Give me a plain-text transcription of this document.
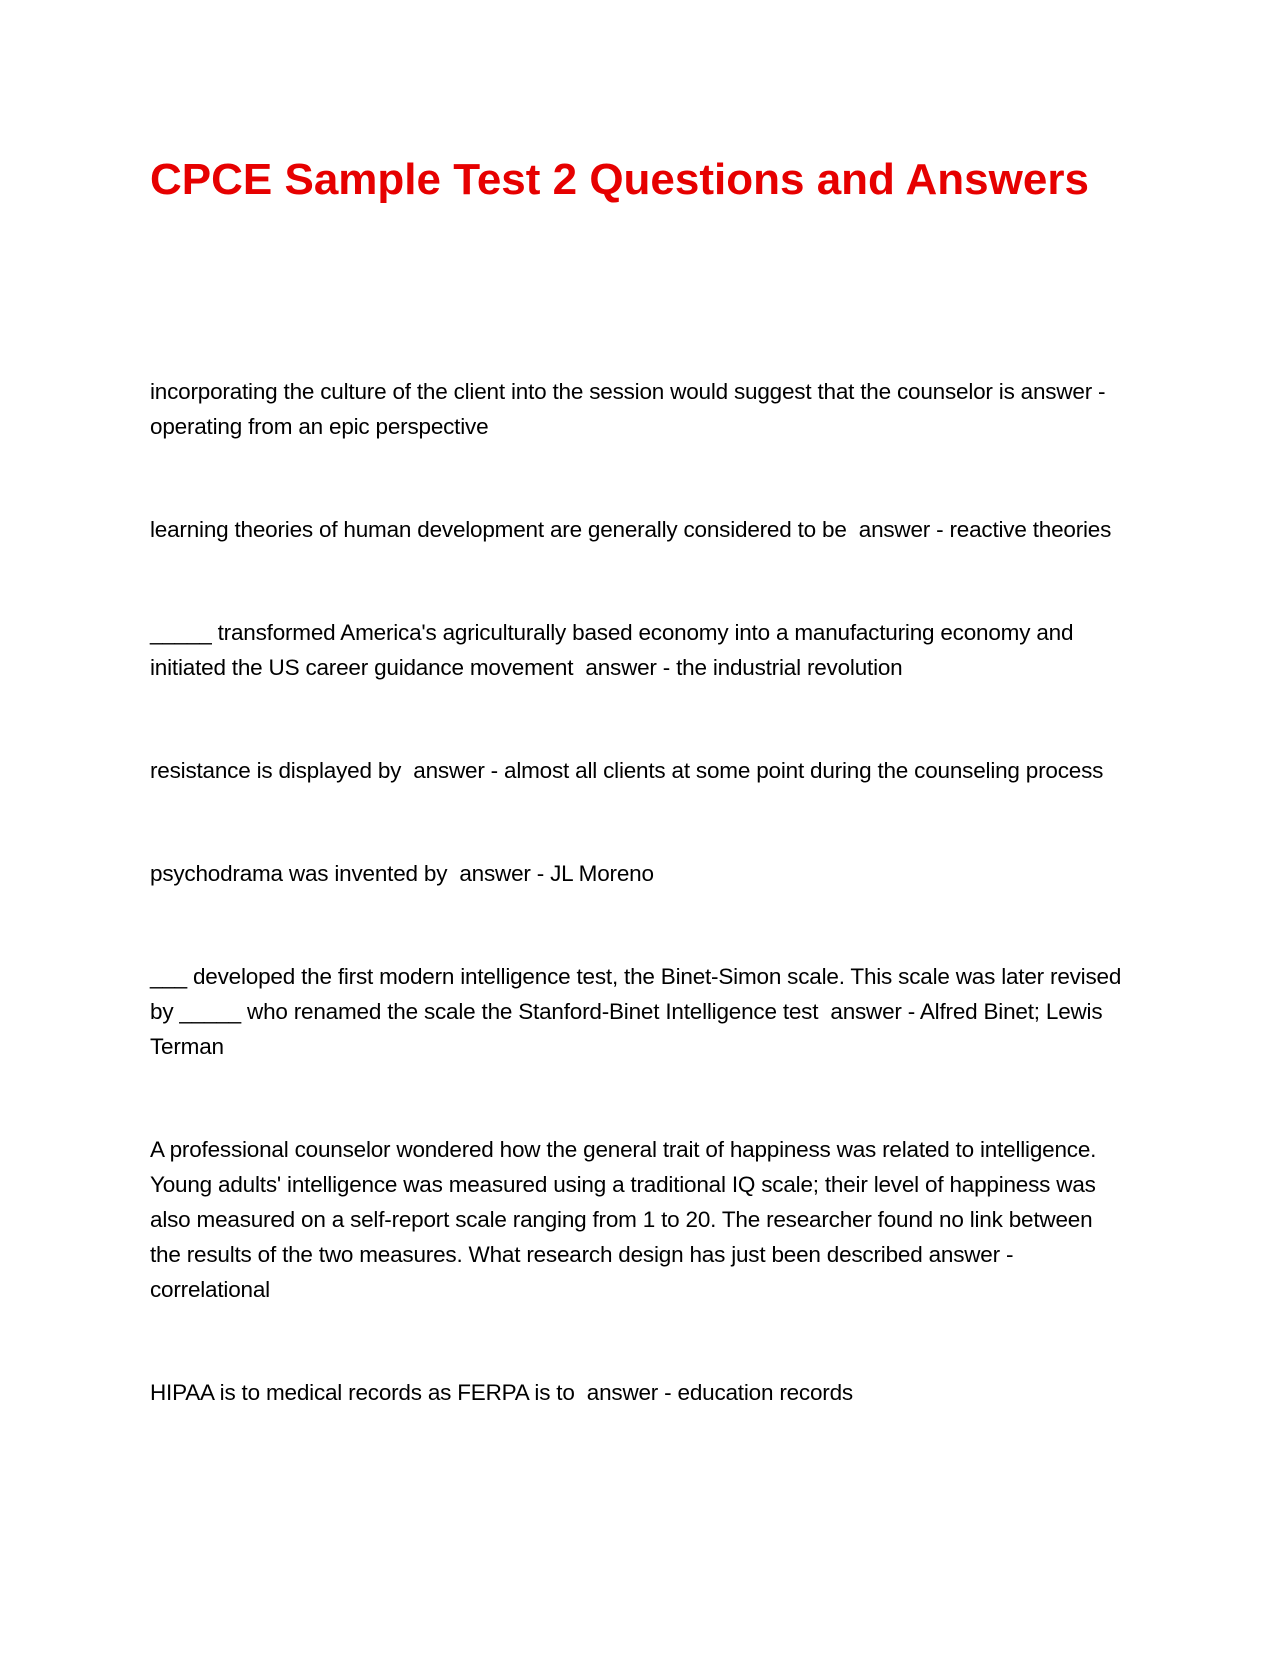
CPCE Sample Test 2 Questions and Answers

incorporating the culture of the client into the session would suggest that the counselor is answer - operating from an epic perspective

learning theories of human development are generally considered to be  answer - reactive theories

_____ transformed America's agriculturally based economy into a manufacturing economy and initiated the US career guidance movement  answer - the industrial revolution

resistance is displayed by  answer - almost all clients at some point during the counseling process

psychodrama was invented by  answer - JL Moreno

___ developed the first modern intelligence test, the Binet-Simon scale. This scale was later revised by _____ who renamed the scale the Stanford-Binet Intelligence test  answer - Alfred Binet; Lewis Terman

A professional counselor wondered how the general trait of happiness was related to intelligence. Young adults' intelligence was measured using a traditional IQ scale; their level of happiness was also measured on a self-report scale ranging from 1 to 20. The researcher found no link between the results of the two measures. What research design has just been described answer - correlational

HIPAA is to medical records as FERPA is to  answer - education records
